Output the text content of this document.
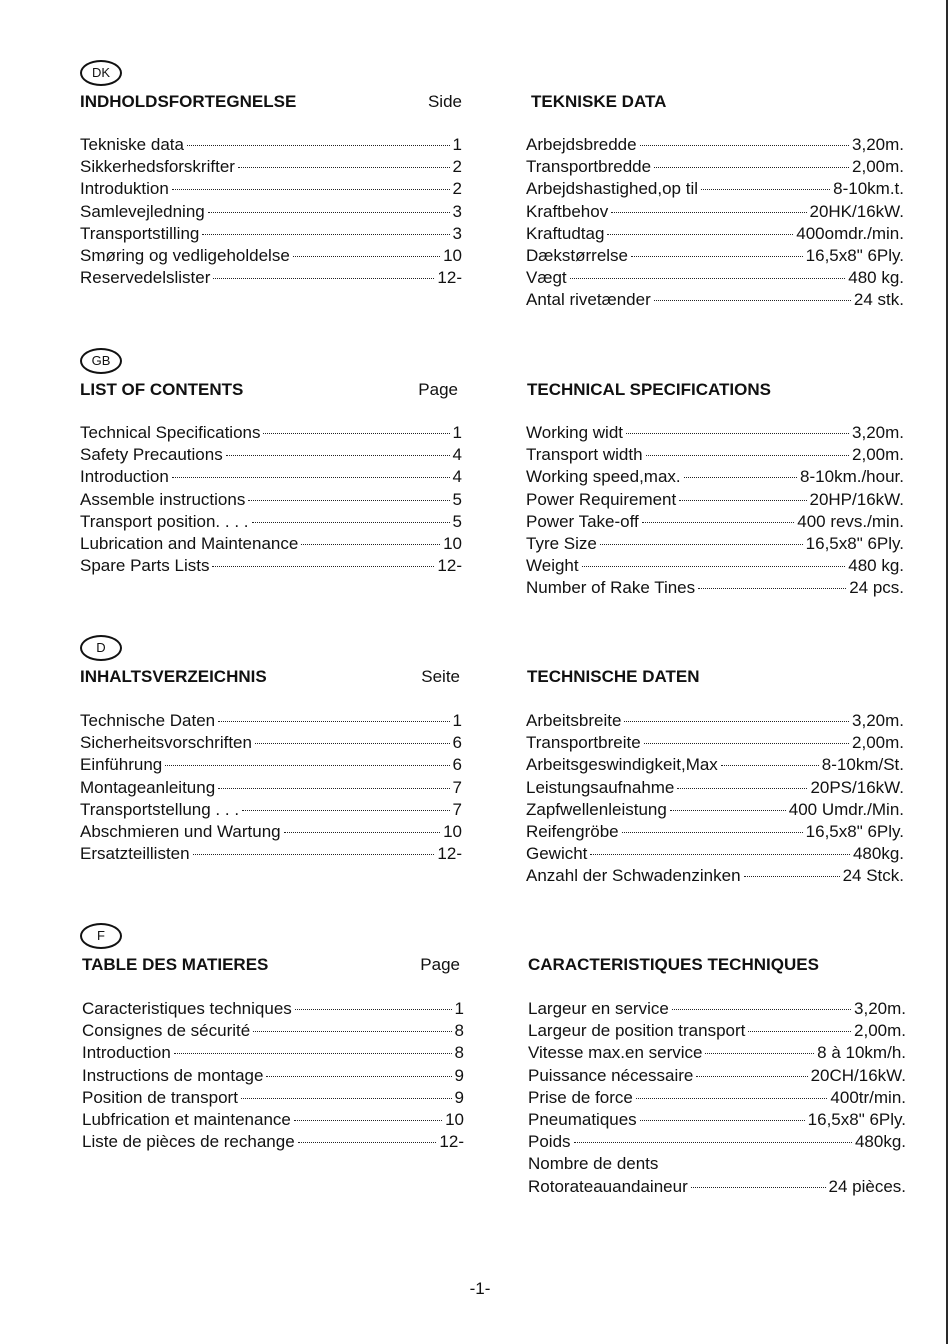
DK
INDHOLDSFORTEGNELSE	Side	TEKNISKE DATA
Tekniske data	1
Sikkerhedsforskrifter	2
Introduktion	2
Samlevejledning	3
Transportstilling	3
Smøring og vedligeholdelse	10
Reservedelslister	12-
Arbejdsbredde	3,20m.
Transportbredde	2,00m.
Arbejdshastighed,op til	8-10km.t.
Kraftbehov	20HK/16kW.
Kraftudtag	400omdr./min.
Dækstørrelse	16,5x8" 6Ply.
Vægt	480 kg.
Antal rivetænder	24 stk.
GB
LIST OF CONTENTS	Page	TECHNICAL SPECIFICATIONS
Technical Specifications	1
Safety Precautions	4
Introduction	4
Assemble instructions	5
Transport position. . . .	5
Lubrication and Maintenance	10
Spare Parts Lists	12-
Working widt	3,20m.
Transport width	2,00m.
Working speed,max.	8-10km./hour.
Power Requirement	20HP/16kW.
Power Take-off	400 revs./min.
Tyre Size	16,5x8" 6Ply.
Weight	480 kg.
Number of Rake Tines	24 pcs.
D
INHALTSVERZEICHNIS	Seite	TECHNISCHE DATEN
Technische Daten	1
Sicherheitsvorschriften	6
Einführung	6
Montageanleitung	7
Transportstellung . . .	7
Abschmieren und Wartung	10
Ersatzteillisten	12-
Arbeitsbreite	3,20m.
Transportbreite	2,00m.
Arbeitsgeswindigkeit,Max	8-10km/St.
Leistungsaufnahme	20PS/16kW.
Zapfwellenleistung	400 Umdr./Min.
Reifengröbe	16,5x8" 6Ply.
Gewicht	480kg.
Anzahl der Schwadenzinken	24 Stck.
F
TABLE DES MATIERES	Page	CARACTERISTIQUES TECHNIQUES
Caracteristiques techniques	1
Consignes de sécurité	8
Introduction	8
Instructions de montage	9
Position de transport	9
Lubfrication et maintenance	10
Liste de pièces de rechange	12-
Largeur en service	3,20m.
Largeur de position transport	2,00m.
Vitesse max.en service	8 à 10km/h.
Puissance nécessaire	20CH/16kW.
Prise de force	400tr/min.
Pneumatiques	16,5x8" 6Ply.
Poids	480kg.
Nombre de dents
Rotorateauandaineur	24 pièces.
-1-
